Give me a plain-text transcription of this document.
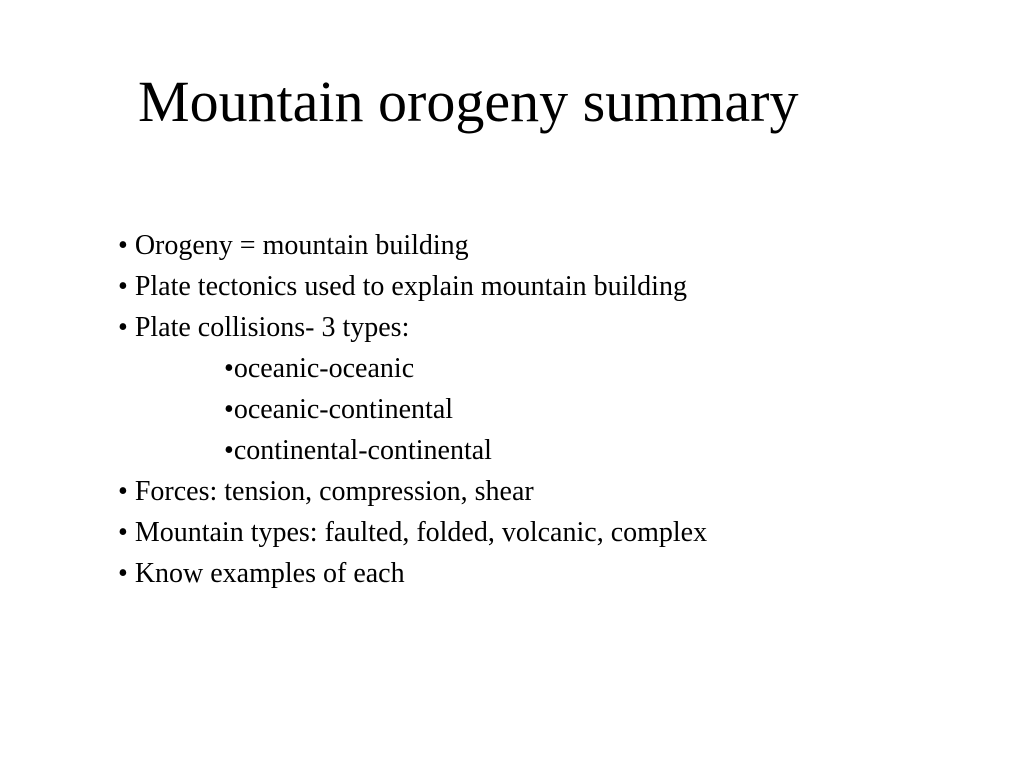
Mountain orogeny summary
• Orogeny = mountain building
• Plate tectonics used to explain mountain building
• Plate collisions- 3 types:
•oceanic-oceanic
•oceanic-continental
•continental-continental
• Forces: tension, compression, shear
• Mountain types: faulted, folded, volcanic, complex
• Know examples of each
